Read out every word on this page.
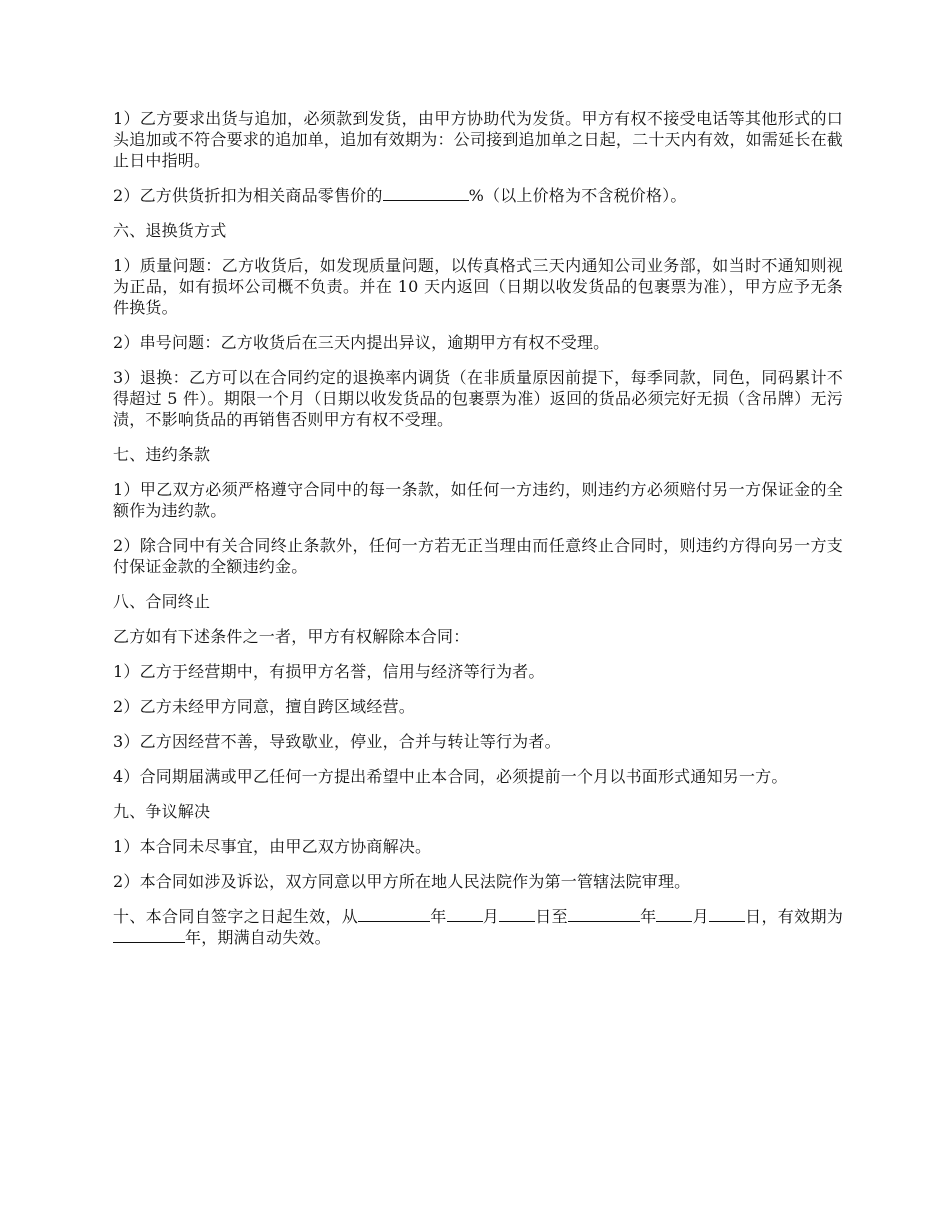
1）乙方要求出货与追加，必须款到发货，由甲方协助代为发货。甲方有权不接受电话等其他形式的口头追加或不符合要求的追加单，追加有效期为：公司接到追加单之日起，二十天内有效，如需延长在截止日中指明。

2）乙方供货折扣为相关商品零售价的	%（以上价格为不含税价格）。

六、退换货方式

1）质量问题：乙方收货后，如发现质量问题，以传真格式三天内通知公司业务部，如当时不通知则视为正品，如有损坏公司概不负责。并在 10 天内返回（日期以收发货品的包裹票为准），甲方应予无条件换货。

2）串号问题：乙方收货后在三天内提出异议，逾期甲方有权不受理。

3）退换：乙方可以在合同约定的退换率内调货（在非质量原因前提下，每季同款，同色，同码累计不得超过 5 件）。期限一个月（日期以收发货品的包裹票为准）返回的货品必须完好无损（含吊牌）无污渍，不影响货品的再销售否则甲方有权不受理。

七、违约条款

1）甲乙双方必须严格遵守合同中的每一条款，如任何一方违约，则违约方必须赔付另一方保证金的全额作为违约款。

2）除合同中有关合同终止条款外，任何一方若无正当理由而任意终止合同时，则违约方得向另一方支付保证金款的全额违约金。

八、合同终止

乙方如有下述条件之一者，甲方有权解除本合同：

1）乙方于经营期中，有损甲方名誉，信用与经济等行为者。

2）乙方未经甲方同意，擅自跨区域经营。

3）乙方因经营不善，导致歇业，停业，合并与转让等行为者。

4）合同期届满或甲乙任何一方提出希望中止本合同，必须提前一个月以书面形式通知另一方。

九、争议解决

1）本合同未尽事宜，由甲乙双方协商解决。

2）本合同如涉及诉讼，双方同意以甲方所在地人民法院作为第一管辖法院审理。

十、本合同自签字之日起生效，从	年 月 日至	年 月 日，有效期为年，期满自动失效。
